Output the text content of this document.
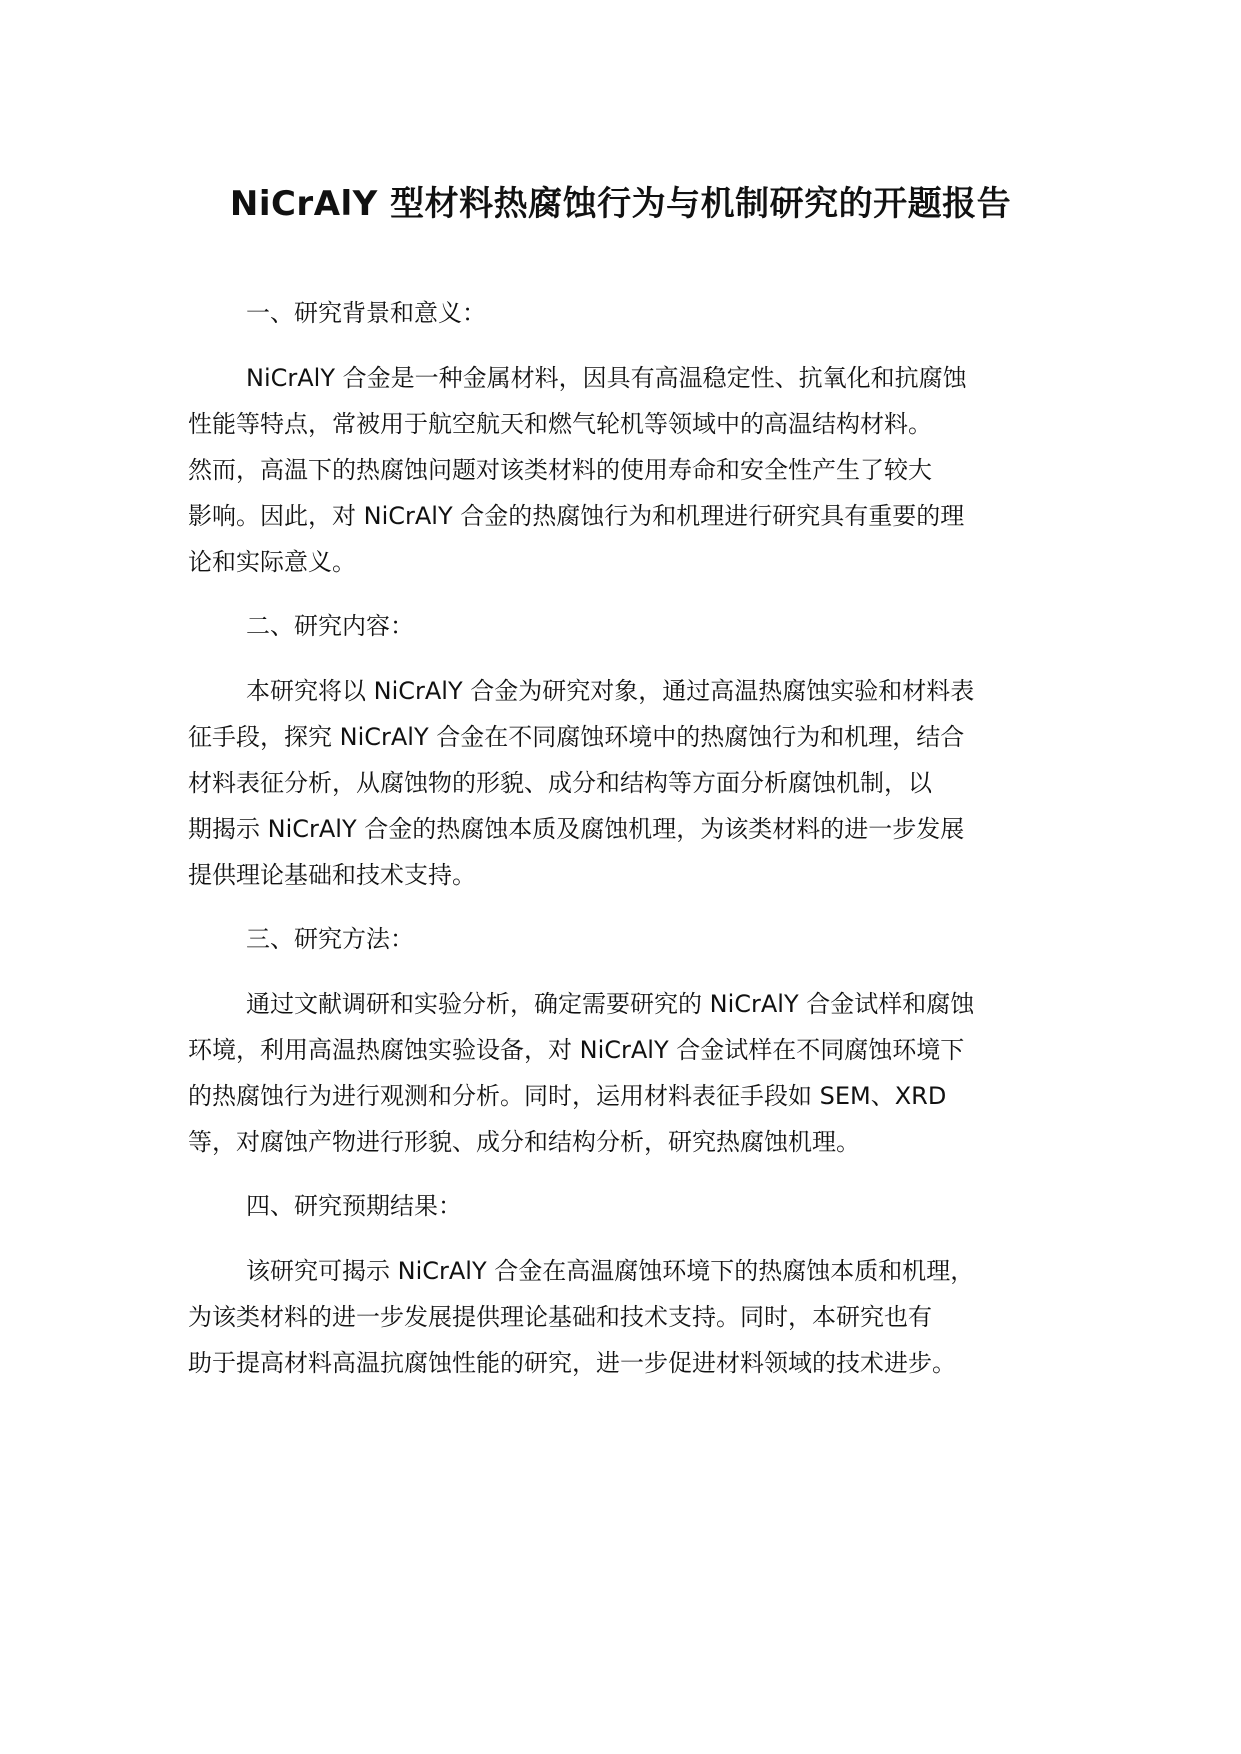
NiCrAlY 型材料热腐蚀行为与机制研究的开题报告

一、研究背景和意义：

NiCrAlY 合金是一种金属材料，因具有高温稳定性、抗氧化和抗腐蚀
性能等特点，常被用于航空航天和燃气轮机等领域中的高温结构材料。
然而，高温下的热腐蚀问题对该类材料的使用寿命和安全性产生了较大
影响。因此，对 NiCrAlY 合金的热腐蚀行为和机理进行研究具有重要的理
论和实际意义。

二、研究内容：

本研究将以 NiCrAlY 合金为研究对象，通过高温热腐蚀实验和材料表
征手段，探究 NiCrAlY 合金在不同腐蚀环境中的热腐蚀行为和机理，结合
材料表征分析，从腐蚀物的形貌、成分和结构等方面分析腐蚀机制，以
期揭示 NiCrAlY 合金的热腐蚀本质及腐蚀机理，为该类材料的进一步发展
提供理论基础和技术支持。

三、研究方法：

通过文献调研和实验分析，确定需要研究的 NiCrAlY 合金试样和腐蚀
环境，利用高温热腐蚀实验设备，对 NiCrAlY 合金试样在不同腐蚀环境下
的热腐蚀行为进行观测和分析。同时，运用材料表征手段如 SEM、XRD
等，对腐蚀产物进行形貌、成分和结构分析，研究热腐蚀机理。

四、研究预期结果：

该研究可揭示 NiCrAlY 合金在高温腐蚀环境下的热腐蚀本质和机理，
为该类材料的进一步发展提供理论基础和技术支持。同时，本研究也有
助于提高材料高温抗腐蚀性能的研究，进一步促进材料领域的技术进步。
